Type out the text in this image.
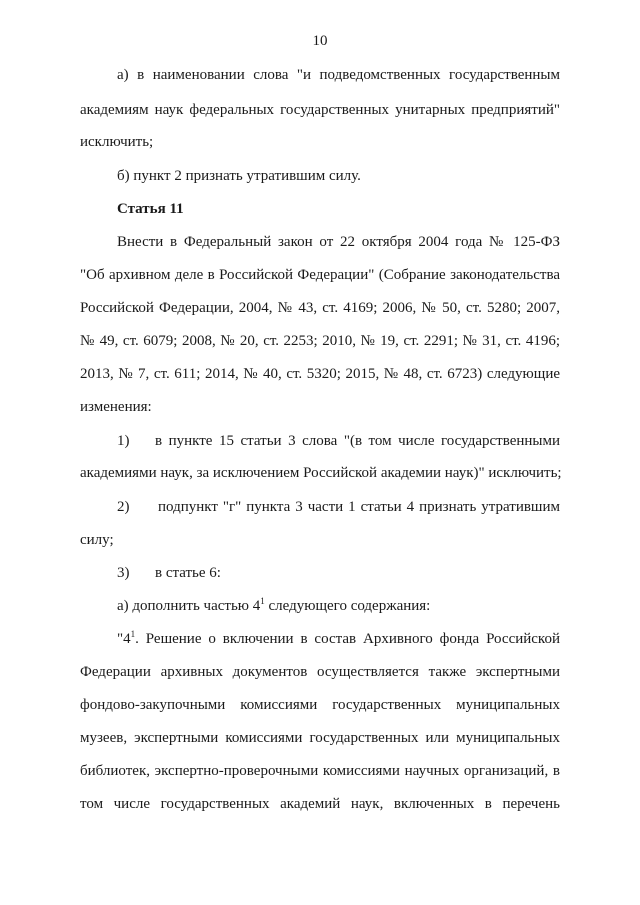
10
а) в наименовании слова "и подведомственных государственным
академиям наук федеральных государственных унитарных предприятий"
исключить;
б) пункт 2 признать утратившим силу.
Статья 11
Внести в Федеральный закон от 22 октября 2004 года № 125-ФЗ
"Об архивном деле в Российской Федерации" (Собрание законодательства
Российской Федерации, 2004, № 43, ст. 4169; 2006, № 50, ст. 5280; 2007,
№ 49, ст. 6079; 2008, № 20, ст. 2253; 2010, № 19, ст. 2291; № 31, ст. 4196;
2013, № 7, ст. 611; 2014, № 40, ст. 5320; 2015, № 48, ст. 6723) следующие
изменения:
1) в пункте 15 статьи 3 слова "(в том числе государственными
академиями наук, за исключением Российской академии наук)" исключить;
2) подпункт "г" пункта 3 части 1 статьи 4 признать утратившим
силу;
3) в статье 6:
а) дополнить частью $4^1$ следующего содержания:
"$4^1$. Решение о включении в состав Архивного фонда Российской
Федерации архивных документов осуществляется также экспертными
фондово-закупочными комиссиями государственных муниципальных
музеев, экспертными комиссиями государственных или муниципальных
библиотек, экспертно-проверочными комиссиями научных организаций, в
том числе государственных академий наук, включенных в перечень
